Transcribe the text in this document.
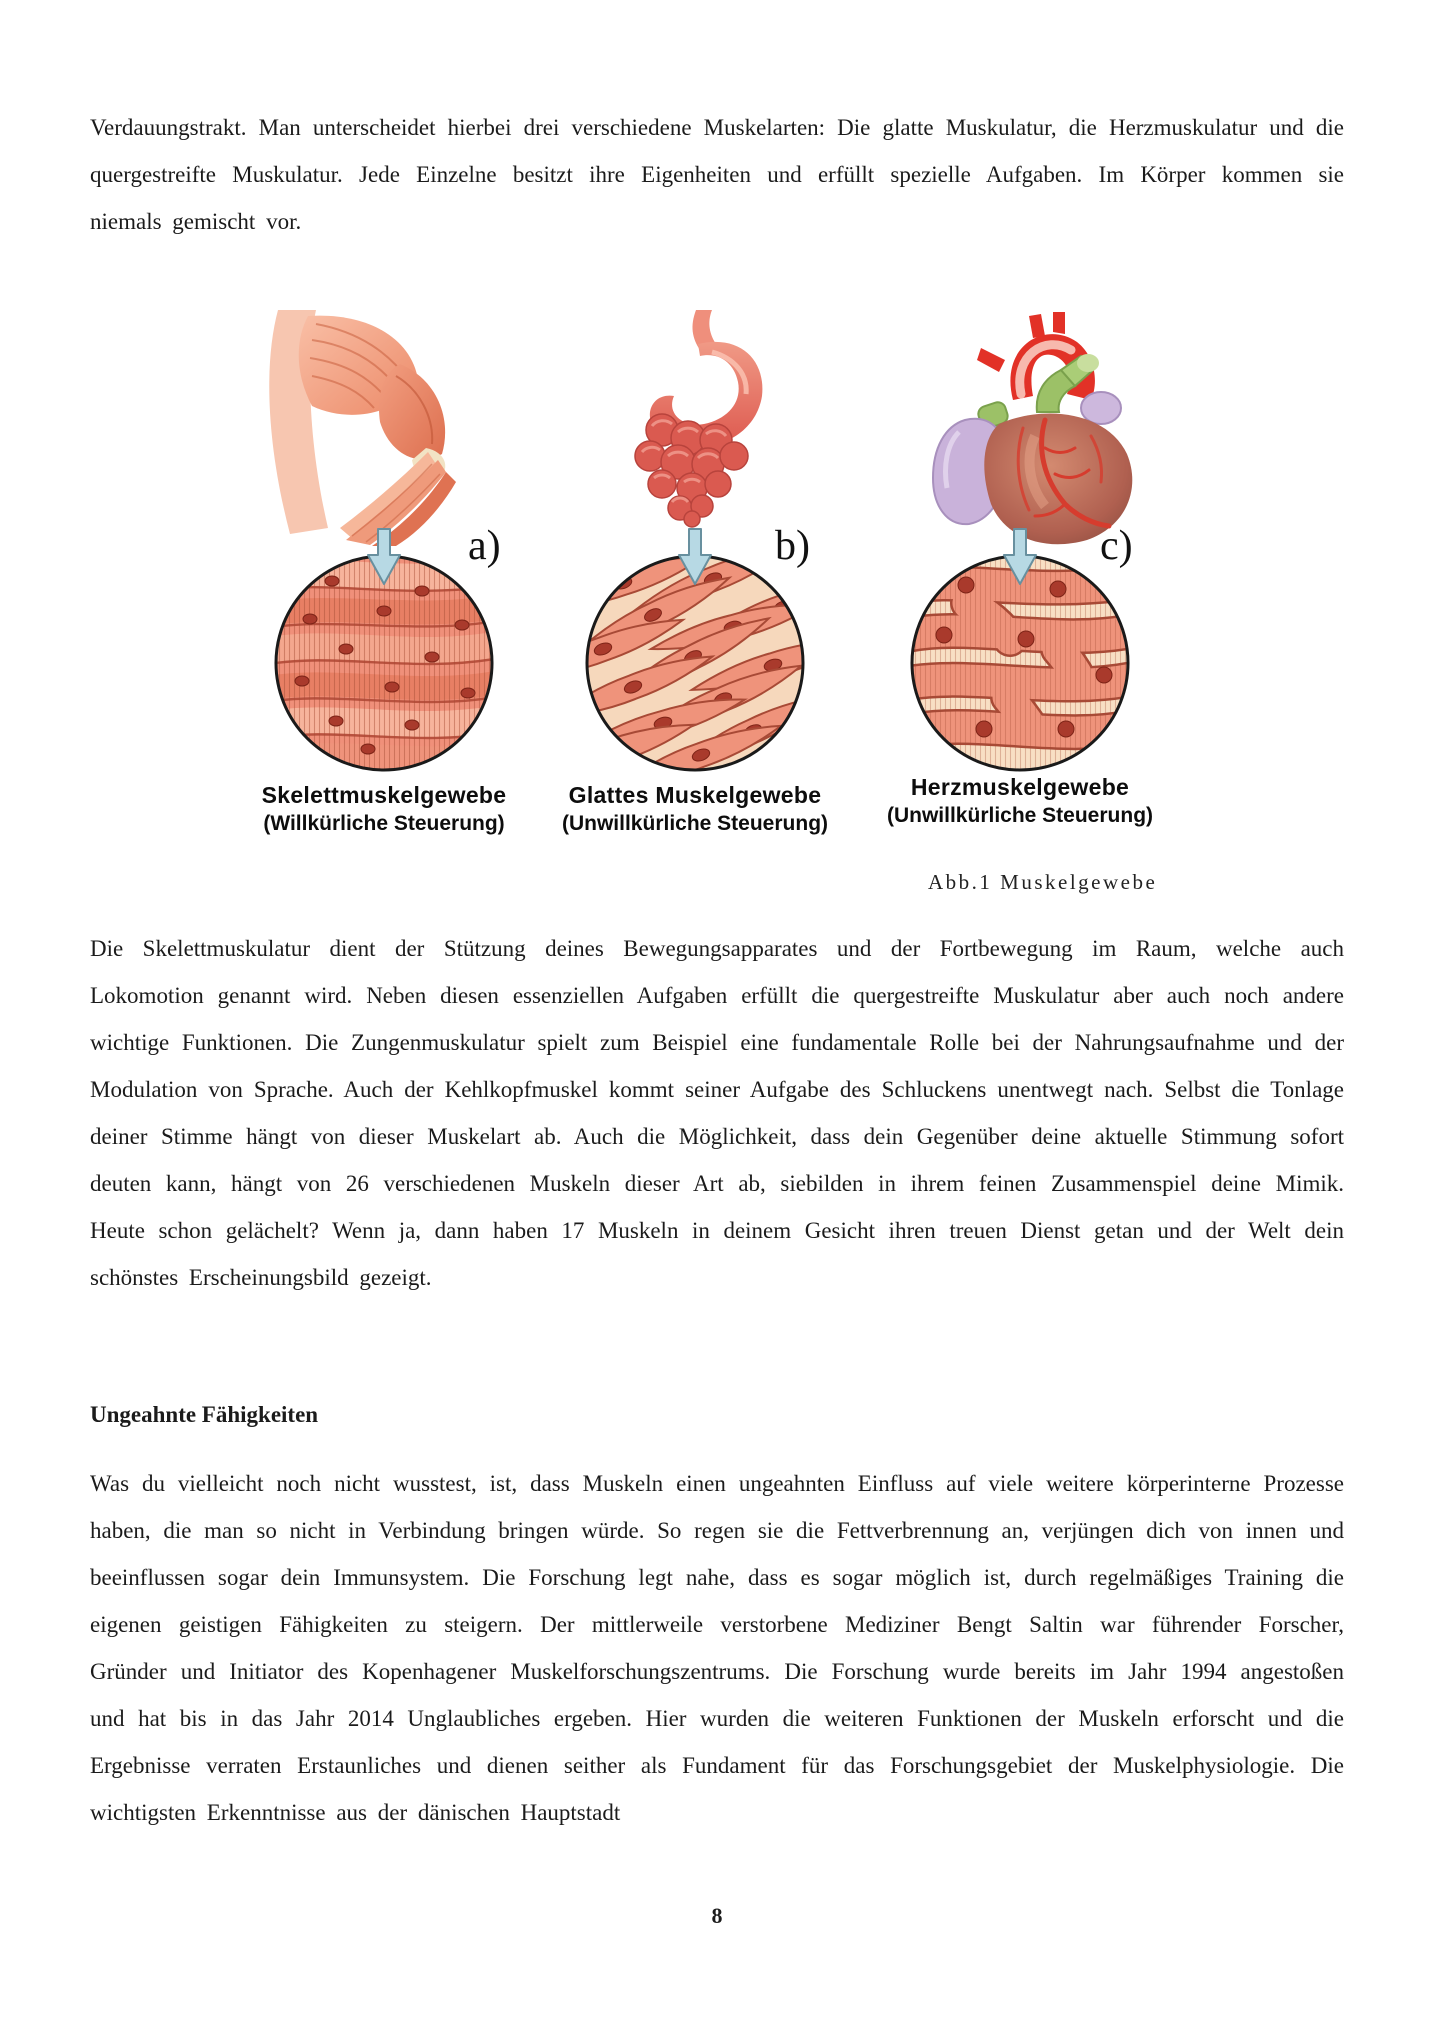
Verdauungstrakt. Man unterscheidet hierbei drei verschiedene Muskelarten: Die glatte Muskulatur, die Herzmuskulatur und die quergestreifte Muskulatur. Jede Einzelne besitzt ihre Eigenheiten und erfüllt spezielle Aufgaben. Im Körper kommen sie niemals gemischt vor.
a)	b)	c)
Skelettmuskelgewebe
(Willkürliche Steuerung)
Glattes Muskelgewebe
(Unwillkürliche Steuerung)
Herzmuskelgewebe
(Unwillkürliche Steuerung)
Abb.1 Muskelgewebe
Die Skelettmuskulatur dient der Stützung deines Bewegungsapparates und der Fortbewegung im Raum, welche auch Lokomotion genannt wird. Neben diesen essenziellen Aufgaben erfüllt die quergestreifte Muskulatur aber auch noch andere wichtige Funktionen. Die Zungenmuskulatur spielt zum Beispiel eine fundamentale Rolle bei der Nahrungsaufnahme und der Modulation von Sprache. Auch der Kehlkopfmuskel kommt seiner Aufgabe des Schluckens unentwegt nach. Selbst die Tonlage deiner Stimme hängt von dieser Muskelart ab. Auch die Möglichkeit, dass dein Gegenüber deine aktuelle Stimmung sofort deuten kann, hängt von 26 verschiedenen Muskeln dieser Art ab, siebilden in ihrem feinen Zusammenspiel deine Mimik. Heute schon gelächelt? Wenn ja, dann haben 17 Muskeln in deinem Gesicht ihren treuen Dienst getan und der Welt dein schönstes Erscheinungsbild gezeigt.
Ungeahnte Fähigkeiten
Was du vielleicht noch nicht wusstest, ist, dass Muskeln einen ungeahnten Einfluss auf viele weitere körperinterne Prozesse haben, die man so nicht in Verbindung bringen würde. So regen sie die Fettverbrennung an, verjüngen dich von innen und beeinflussen sogar dein Immunsystem. Die Forschung legt nahe, dass es sogar möglich ist, durch regelmäßiges Training die eigenen geistigen Fähigkeiten zu steigern. Der mittlerweile verstorbene Mediziner Bengt Saltin war führender Forscher, Gründer und Initiator des Kopenhagener Muskelforschungszentrums. Die Forschung wurde bereits im Jahr 1994 angestoßen und hat bis in das Jahr 2014 Unglaubliches ergeben. Hier wurden die weiteren Funktionen der Muskeln erforscht und die Ergebnisse verraten Erstaunliches und dienen seither als Fundament für das Forschungsgebiet der Muskelphysiologie. Die wichtigsten Erkenntnisse aus der dänischen Hauptstadt
8
